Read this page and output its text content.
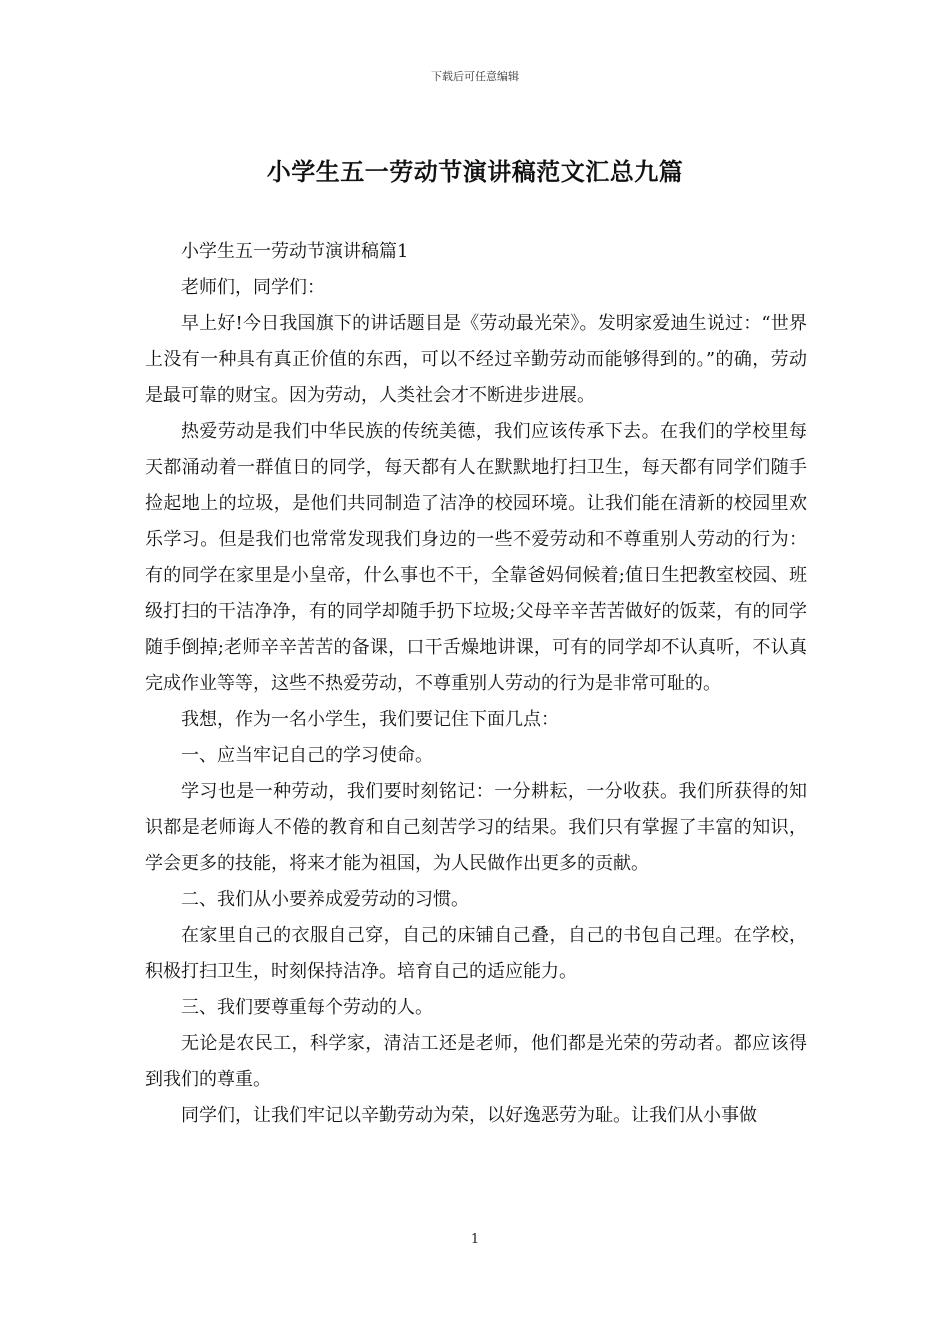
下载后可任意编辑
小学生五一劳动节演讲稿范文汇总九篇

小学生五一劳动节演讲稿篇1

老师们，同学们：

早上好!今日我国旗下的讲话题目是《劳动最光荣》。发明家爱迪生说过：“世界上没有一种具有真正价值的东西，可以不经过辛勤劳动而能够得到的。”的确，劳动是最可靠的财宝。因为劳动，人类社会才不断进步进展。

热爱劳动是我们中华民族的传统美德，我们应该传承下去。在我们的学校里每天都涌动着一群值日的同学，每天都有人在默默地打扫卫生，每天都有同学们随手捡起地上的垃圾，是他们共同制造了洁净的校园环境。让我们能在清新的校园里欢乐学习。但是我们也常常发现我们身边的一些不爱劳动和不尊重别人劳动的行为：有的同学在家里是小皇帝，什么事也不干，全靠爸妈伺候着;值日生把教室校园、班级打扫的干洁净净，有的同学却随手扔下垃圾;父母辛辛苦苦做好的饭菜，有的同学随手倒掉;老师辛辛苦苦的备课，口干舌燥地讲课，可有的同学却不认真听，不认真完成作业等等，这些不热爱劳动，不尊重别人劳动的行为是非常可耻的。

我想，作为一名小学生，我们要记住下面几点：

一、应当牢记自己的学习使命。

学习也是一种劳动，我们要时刻铭记：一分耕耘，一分收获。我们所获得的知识都是老师诲人不倦的教育和自己刻苦学习的结果。我们只有掌握了丰富的知识，学会更多的技能，将来才能为祖国，为人民做作出更多的贡献。

二、我们从小要养成爱劳动的习惯。

在家里自己的衣服自己穿，自己的床铺自己叠，自己的书包自己理。在学校，积极打扫卫生，时刻保持洁净。培育自己的适应能力。

三、我们要尊重每个劳动的人。

无论是农民工，科学家，清洁工还是老师，他们都是光荣的劳动者。都应该得到我们的尊重。

同学们，让我们牢记以辛勤劳动为荣，以好逸恶劳为耻。让我们从小事做

1
